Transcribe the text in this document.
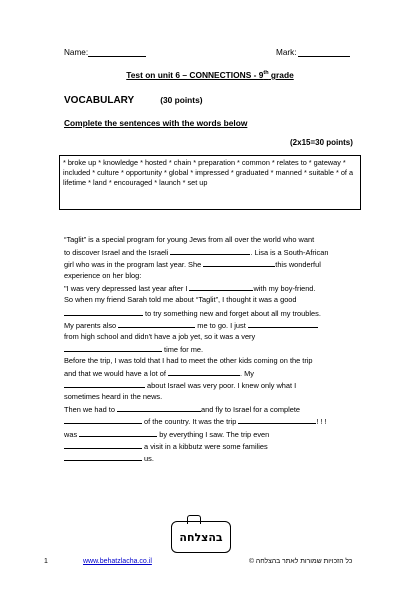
Name:	Mark:
Test on unit 6 – CONNECTIONS - 9th grade
VOCABULARY	(30 points)
Complete the sentences with the words below
(2x15=30 points)
* broke up * knowledge * hosted * chain * preparation * common * relates to * gateway * included * culture * opportunity * global * impressed * graduated * manned * suitable * of a lifetime * land * encouraged * launch * set up
“Taglit” is a special program for young Jews from all over the world who want
to discover Israel and the Israeli	. Lisa is a South-African
girl who was in the program last year. She	this wonderful
experience on her blog:
"I was very depressed last year after I	with my boy-friend.
So when my friend Sarah told me about “Taglit”, I thought it was a good
to try something new and forget about all my troubles.
My parents also	me to go. I just
from high school and didn't have a job yet, so it was a very
time for me.
Before the trip, I was told that I had to meet the other kids coming on the trip
and that we would have a lot of	. My
about Israel was very poor. I knew only what I
sometimes heard in the news.
Then we had to	and fly to Israel for a complete
of the country. It was the trip	! ! !
was	by everything I saw. The trip even
a visit in a kibbutz were some families
us.
בהצלחה
1	www.behatzlacha.co.il	כל הזכויות שמורות לאתר בהצלחה ©
